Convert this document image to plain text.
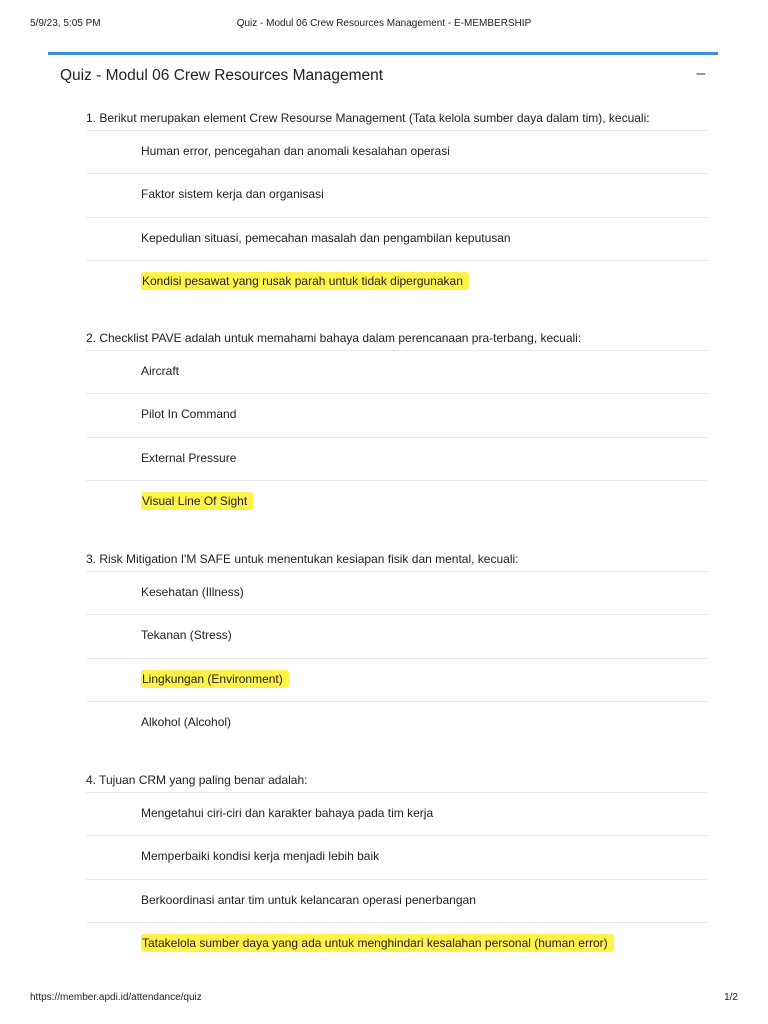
5/9/23, 5:05 PM	Quiz - Modul 06 Crew Resources Management - E-MEMBERSHIP
Quiz - Modul 06 Crew Resources Management	–
1. Berikut merupakan element Crew Resourse Management (Tata kelola sumber daya dalam tim), kecuali:
Human error, pencegahan dan anomali kesalahan operasi
Faktor sistem kerja dan organisasi
Kepedulian situasi, pemecahan masalah dan pengambilan keputusan
Kondisi pesawat yang rusak parah untuk tidak dipergunakan
2. Checklist PAVE adalah untuk memahami bahaya dalam perencanaan pra-terbang, kecuali:
Aircraft
Pilot In Command
External Pressure
Visual Line Of Sight
3. Risk Mitigation I'M SAFE untuk menentukan kesiapan fisik dan mental, kecuali:
Kesehatan (Illness)
Tekanan (Stress)
Lingkungan (Environment)
Alkohol (Alcohol)
4. Tujuan CRM yang paling benar adalah:
Mengetahui ciri-ciri dan karakter bahaya pada tim kerja
Memperbaiki kondisi kerja menjadi lebih baik
Berkoordinasi antar tim untuk kelancaran operasi penerbangan
Tatakelola sumber daya yang ada untuk menghindari kesalahan personal (human error)
https://member.apdi.id/attendance/quiz	1/2
